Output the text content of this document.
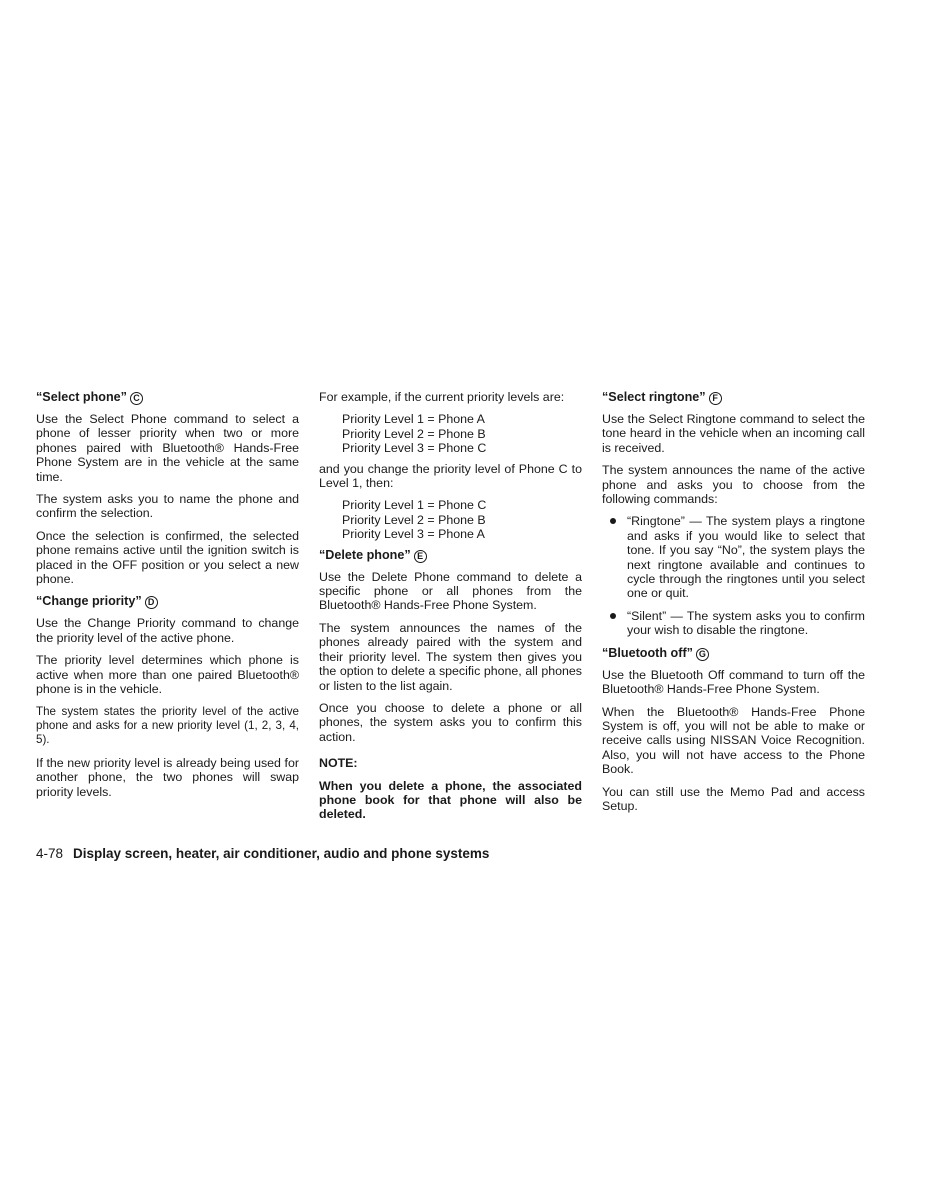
“Select phone” C

Use the Select Phone command to select a phone of lesser priority when two or more phones paired with Bluetooth® Hands-Free Phone System are in the vehicle at the same time.

The system asks you to name the phone and confirm the selection.

Once the selection is confirmed, the selected phone remains active until the ignition switch is placed in the OFF position or you select a new phone.

“Change priority” D

Use the Change Priority command to change the priority level of the active phone.

The priority level determines which phone is active when more than one paired Bluetooth® phone is in the vehicle.

The system states the priority level of the active phone and asks for a new priority level (1, 2, 3, 4, 5).

If the new priority level is already being used for another phone, the two phones will swap priority levels.

For example, if the current priority levels are:

Priority Level 1 = Phone A
Priority Level 2 = Phone B
Priority Level 3 = Phone C

and you change the priority level of Phone C to Level 1, then:

Priority Level 1 = Phone C
Priority Level 2 = Phone B
Priority Level 3 = Phone A
“Delete phone” E

Use the Delete Phone command to delete a specific phone or all phones from the Bluetooth® Hands-Free Phone System.

The system announces the names of the phones already paired with the system and their priority level. The system then gives you the option to delete a specific phone, all phones or listen to the list again.

Once you choose to delete a phone or all phones, the system asks you to confirm this action.

NOTE:

When you delete a phone, the associated phone book for that phone will also be deleted.

“Select ringtone” F

Use the Select Ringtone command to select the tone heard in the vehicle when an incoming call is received.

The system announces the name of the active phone and asks you to choose from the following commands:

“Ringtone” — The system plays a ringtone and asks if you would like to select that tone. If you say “No”, the system plays the next ringtone available and continues to cycle through the ringtones until you select one or quit.
“Silent” — The system asks you to confirm your wish to disable the ringtone.
“Bluetooth off” G

Use the Bluetooth Off command to turn off the Bluetooth® Hands-Free Phone System.

When the Bluetooth® Hands-Free Phone System is off, you will not be able to make or receive calls using NISSAN Voice Recognition. Also, you will not have access to the Phone Book.

You can still use the Memo Pad and access Setup.

4-78 Display screen, heater, air conditioner, audio and phone systems
